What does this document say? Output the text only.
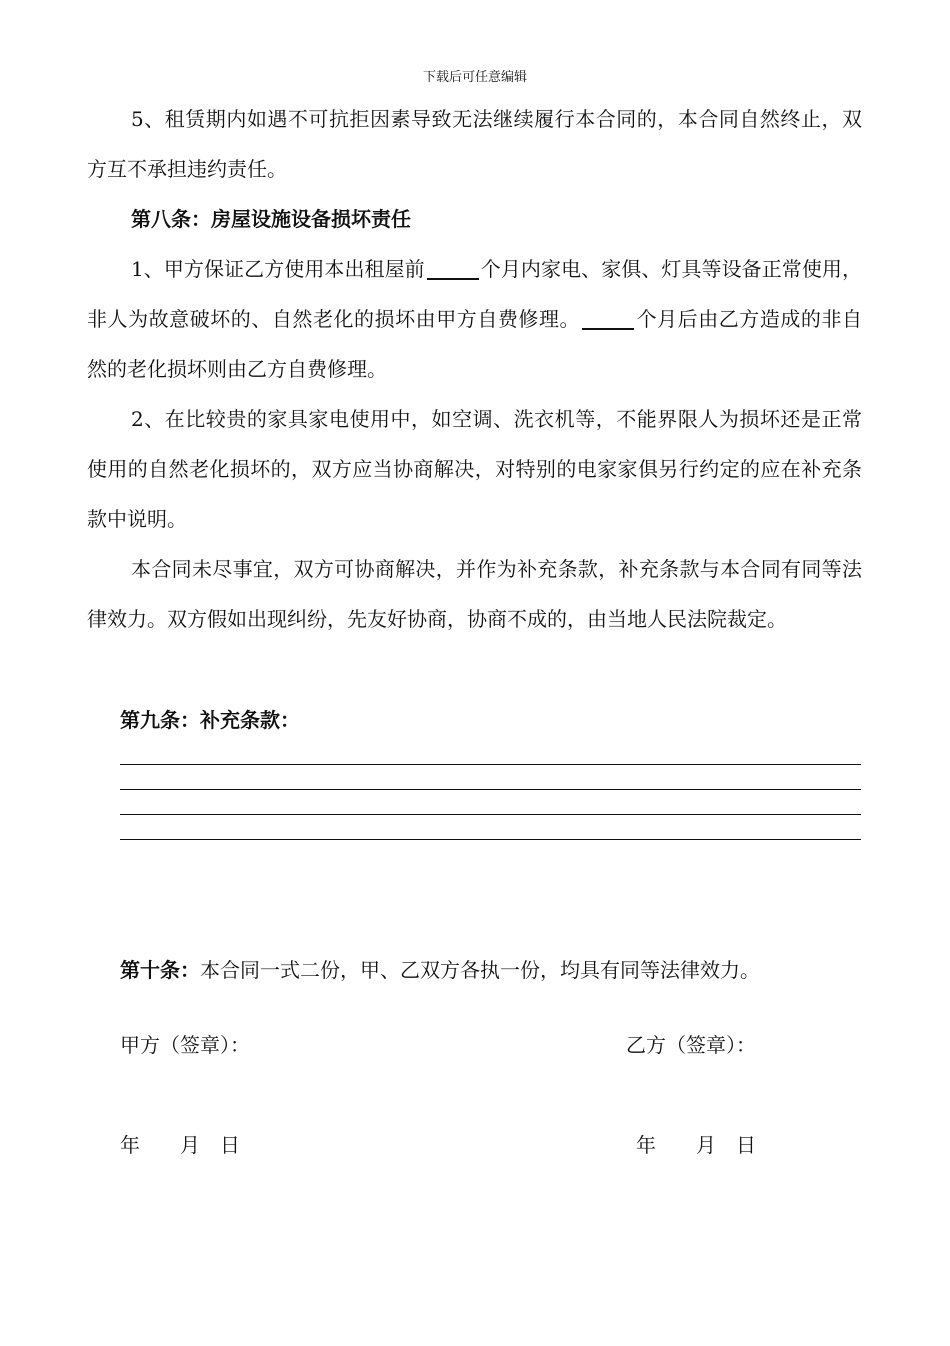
下载后可任意编辑

5、租赁期内如遇不可抗拒因素导致无法继续履行本合同的，本合同自然终止，双方互不承担违约责任。

第八条：房屋设施设备损坏责任

1、甲方保证乙方使用本出租屋前	个月内家电、家俱、灯具等设备正常使用，非人为故意破坏的、自然老化的损坏由甲方自费修理。	个月后由乙方造成的非自然的老化损坏则由乙方自费修理。

2、在比较贵的家具家电使用中，如空调、洗衣机等，不能界限人为损坏还是正常使用的自然老化损坏的，双方应当协商解决，对特别的电家家俱另行约定的应在补充条款中说明。

本合同未尽事宜，双方可协商解决，并作为补充条款，补充条款与本合同有同等法律效力。双方假如出现纠纷，先友好协商，协商不成的，由当地人民法院裁定。

第九条：补充条款：
第十条：本合同一式二份，甲、乙双方各执一份，均具有同等法律效力。
甲方（签章）：	乙方（签章）：
年　　月　日	年　　月　日
